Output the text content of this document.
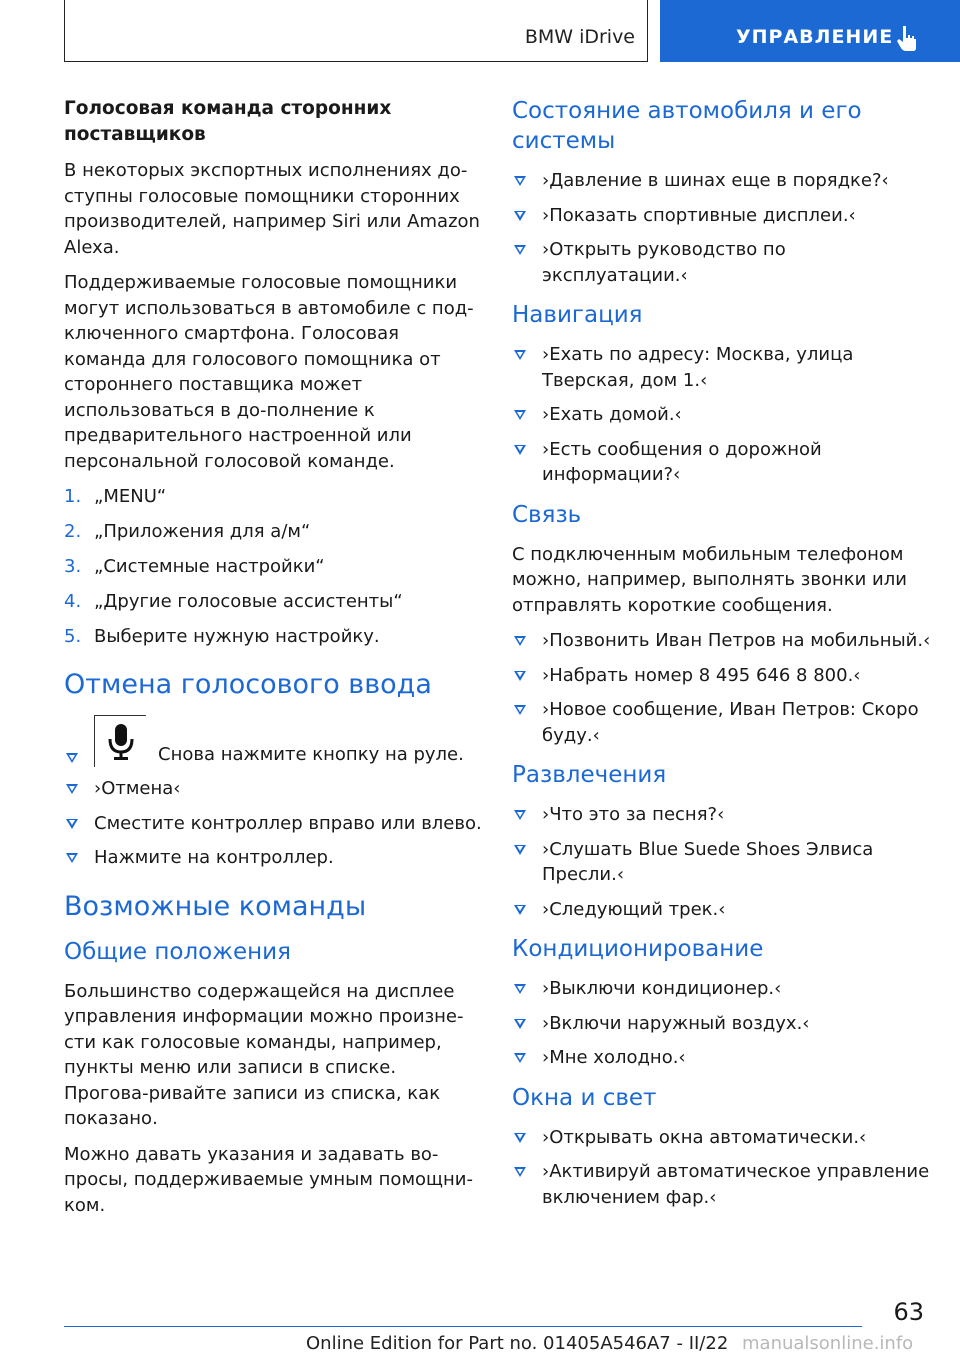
BMW iDrive	УПРАВЛЕНИЕ
Голосовая команда сторонних поставщиков

В некоторых экспортных исполнениях до-ступны голосовые помощники сторонних производителей, например Siri или Amazon Alexa.

Поддерживаемые голосовые помощники могут использоваться в автомобиле с под-ключенного смартфона. Голосовая команда для голосового помощника от стороннего поставщика может использоваться в до-полнение к предварительного настроенной или персональной голосовой команде.

1. „MENU“
2. „Приложения для а/м“
3. „Системные настройки“
4. „Другие голосовые ассистенты“
5. Выберите нужную настройку.
Отмена голосового ввода
Снова нажмите кнопку на руле.
›Отмена‹
Сместите контроллер вправо или влево.
Нажмите на контроллер.
Возможные команды
Общие положения

Большинство содержащейся на дисплее управления информации можно произне-сти как голосовые команды, например, пункты меню или записи в списке. Прогова-ривайте записи из списка, как показано.

Можно давать указания и задавать во-просы, поддерживаемые умным помощни-ком.

Состояние автомобиля и его системы
›Давление в шинах еще в порядке?‹
›Показать спортивные дисплеи.‹
›Открыть руководство по эксплуатации.‹
Навигация
›Ехать по адресу: Москва, улица Тверская, дом 1.‹
›Ехать домой.‹
›Есть сообщения о дорожной информации?‹
Связь

С подключенным мобильным телефоном можно, например, выполнять звонки или отправлять короткие сообщения.

›Позвонить Иван Петров на мобильный.‹
›Набрать номер 8 495 646 8 800.‹
›Новое сообщение, Иван Петров: Скоро буду.‹
Развлечения
›Что это за песня?‹
›Слушать Blue Suede Shoes Элвиса Пресли.‹
›Следующий трек.‹
Кондиционирование
›Выключи кондиционер.‹
›Включи наружный воздух.‹
›Мне холодно.‹
Окна и свет
›Открывать окна автоматически.‹
›Активируй автоматическое управление включением фар.‹
63
Online Edition for Part no. 01405A546A7 - II/22 manualsonline.info
